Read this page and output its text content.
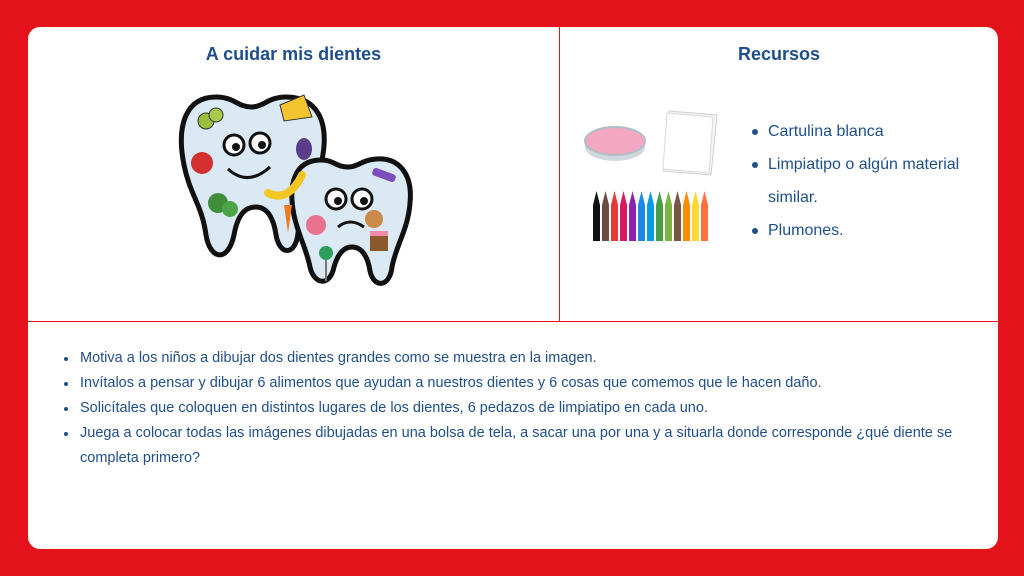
A cuidar mis dientes	Recursos
Cartulina blanca
Limpiatipo o algún material similar.
Plumones.
Motiva a los niños a dibujar dos dientes grandes como se muestra en la imagen.
Invítalos a pensar y dibujar 6 alimentos que ayudan a nuestros dientes y 6 cosas que comemos que le hacen daño.
Solicítales que coloquen en distintos lugares de los dientes, 6 pedazos de limpiatipo en cada uno.
Juega a colocar todas las imágenes dibujadas en una bolsa de tela, a sacar una por una y a situarla donde corresponde ¿qué diente se completa primero?
